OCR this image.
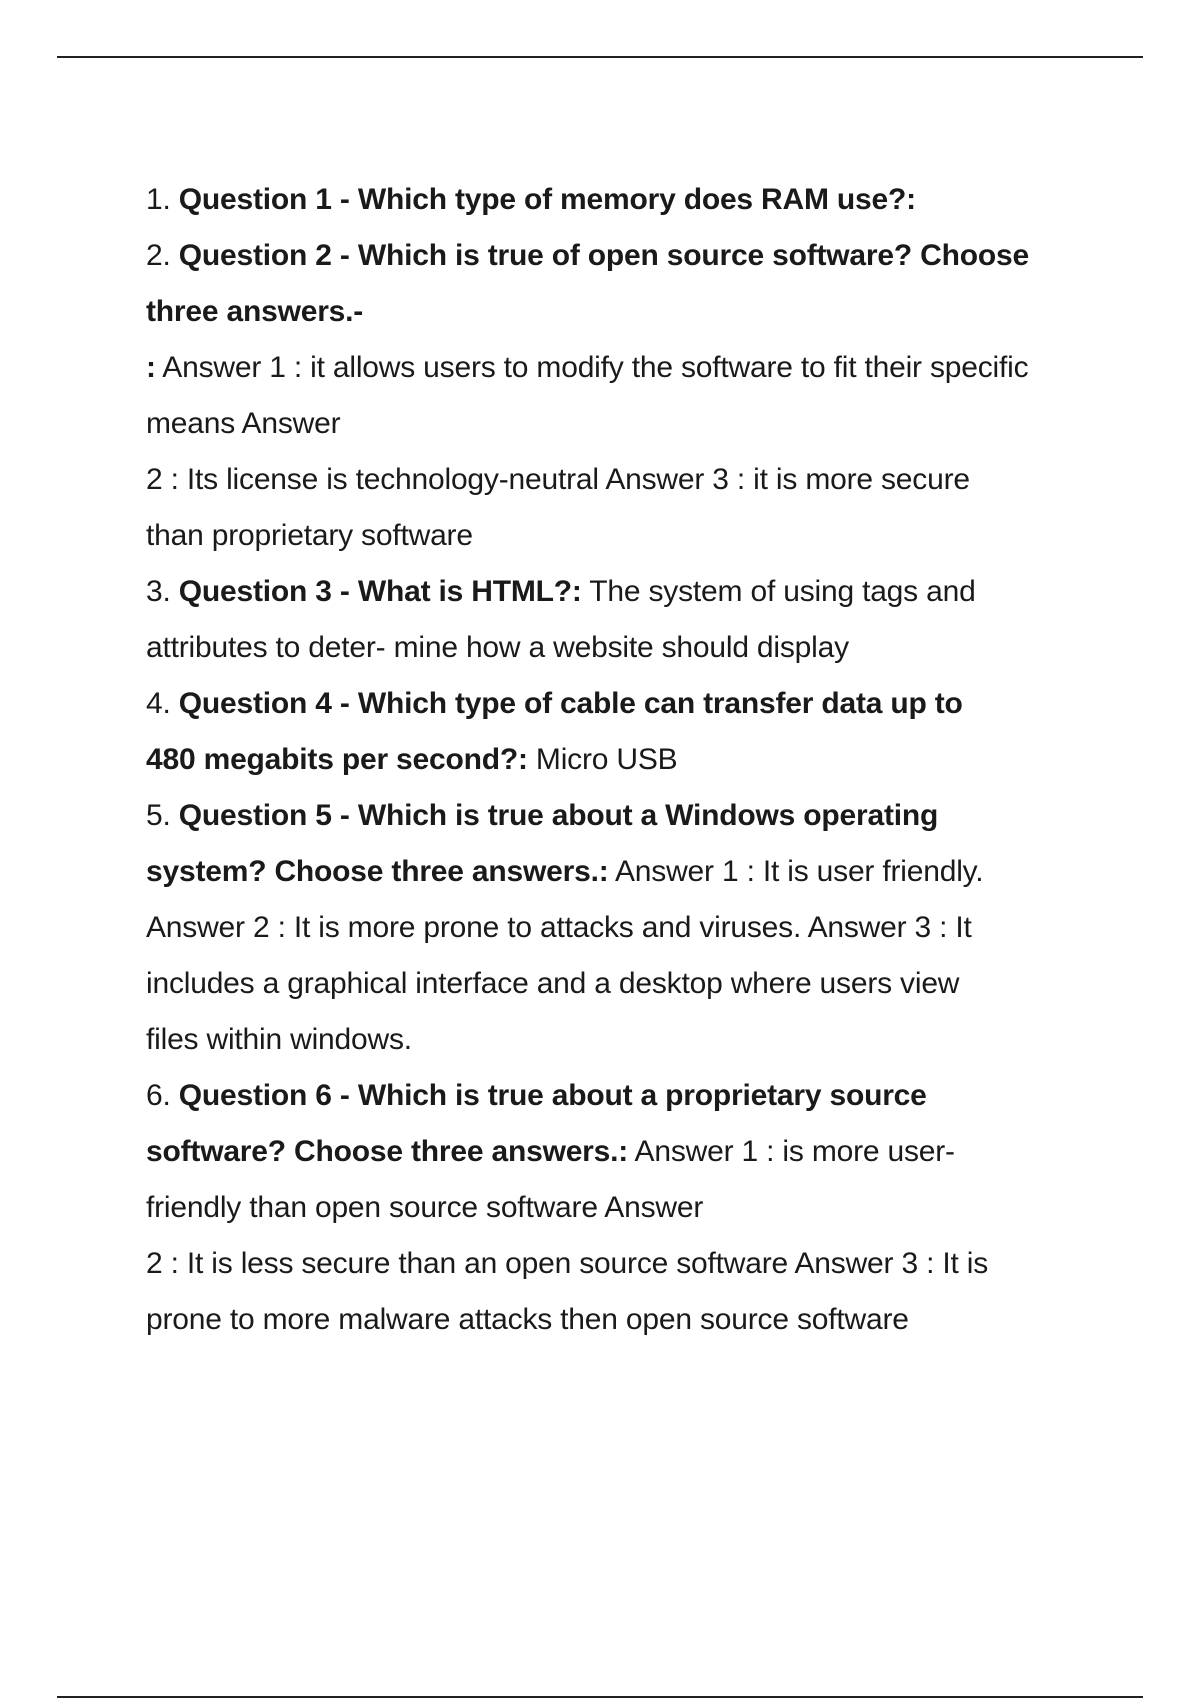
1. Question 1 - Which type of memory does RAM use?:
2. Question 2 - Which is true of open source software? Choose
three answers.-
: Answer 1 : it allows users to modify the software to fit their specific
means Answer
2 : Its license is technology-neutral Answer 3 : it is more secure
than proprietary software
3. Question 3 - What is HTML?: The system of using tags and
attributes to deter- mine how a website should display
4. Question 4 - Which type of cable can transfer data up to
480 megabits per second?: Micro USB
5. Question 5 - Which is true about a Windows operating
system? Choose three answers.: Answer 1 : It is user friendly.
Answer 2 : It is more prone to attacks and viruses. Answer 3 : It
includes a graphical interface and a desktop where users view
files within windows.
6. Question 6 - Which is true about a proprietary source
software? Choose three answers.: Answer 1 : is more user-
friendly than open source software Answer
2 : It is less secure than an open source software Answer 3 : It is
prone to more malware attacks then open source software
